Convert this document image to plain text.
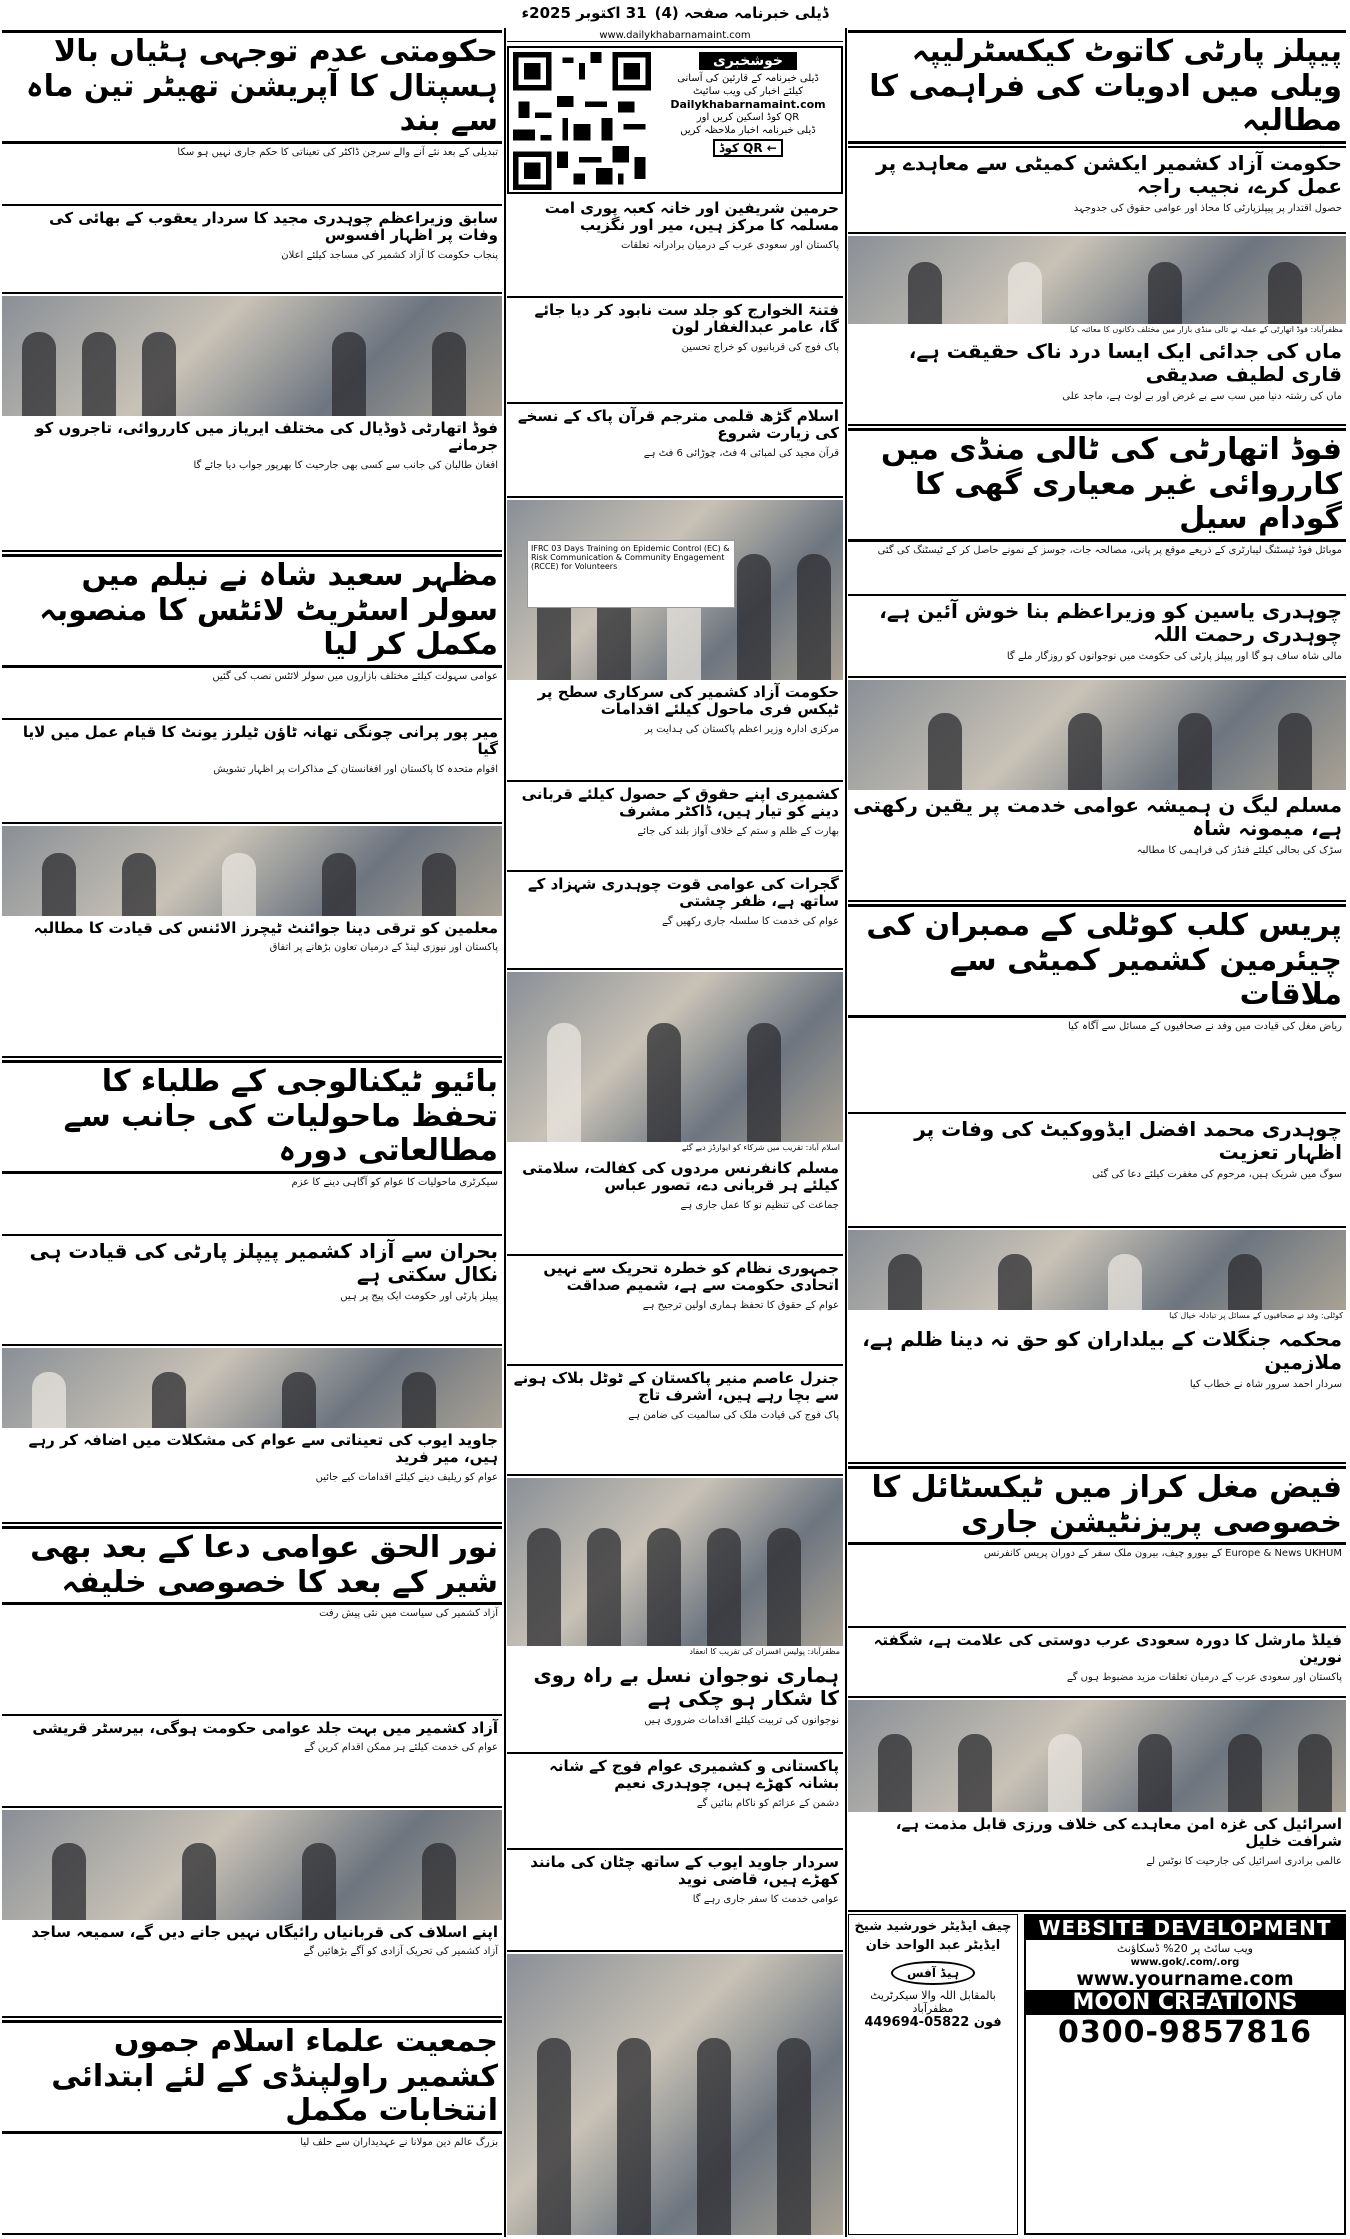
ڈیلی خبرنامہ صفحہ (4)
31 اکتوبر 2025ء
پیپلز پارٹی کاتوٹ کیکسٹرلیپہ ویلی میں ادویات کی فراہمی کا مطالبہ
حکومت آزاد کشمیر ایکشن کمیٹی سے معاہدے پر عمل کرے، نجیب راجہ
حصول اقتدار پر پیپلزپارٹی کا محاذ اور عوامی حقوق کی جدوجہد
مظفرآباد: فوڈ اتھارٹی کے عملہ نے تالی منڈی بازار میں مختلف دکانوں کا معائنہ کیا
ماں کی جدائی ایک ایسا درد ناک حقیقت ہے، قاری لطیف صدیقی
ماں کی رشتہ دنیا میں سب سے بے غرض اور بے لوث ہے، ماجد علی
فوڈ اتھارٹی کی ٹالی منڈی میں کارروائی غیر معیاری گھی کا گودام سیل
موبائل فوڈ ٹیسٹنگ لیبارٹری کے ذریعے موقع پر پانی، مصالحہ جات، جوسز کے نمونے حاصل کر کے ٹیسٹنگ کی گئی
چوہدری یاسین کو وزیراعظم بنا خوش آئین ہے، چوہدری رحمت اللہ
مالی شاہ ساف ہو گا اور پیپلز پارٹی کی حکومت میں نوجوانوں کو روزگار ملے گا
مسلم لیگ ن ہمیشہ عوامی خدمت پر یقین رکھتی ہے، میمونہ شاہ
سڑک کی بحالی کیلئے فنڈز کی فراہمی کا مطالبہ
پریس کلب کوٹلی کے ممبران کی چیئرمین کشمیر کمیٹی سے ملاقات
ریاض مغل کی قیادت میں وفد نے صحافیوں کے مسائل سے آگاہ کیا
چوہدری محمد افضل ایڈووکیٹ کی وفات پر اظہار تعزیت
سوگ میں شریک ہیں، مرحوم کی مغفرت کیلئے دعا کی گئی
کوٹلی: وفد نے صحافیوں کے مسائل پر تبادلہ خیال کیا
محکمہ جنگلات کے بیلداران کو حق نہ دینا ظلم ہے، ملازمین
سردار احمد سرور شاہ نے خطاب کیا
فیض مغل کراز میں ٹیکسٹائل کا خصوصی پریزنٹیشن جاری
Europe & News UKHUM کے بیورو چیف، بیرون ملک سفر کے دوران پریس کانفرنس
فیلڈ مارشل کا دورہ سعودی عرب دوستی کی علامت ہے، شگفتہ نورین
پاکستان اور سعودی عرب کے درمیان تعلقات مزید مضبوط ہوں گے
اسرائیل کی غزہ امن معاہدے کی خلاف ورزی قابل مذمت ہے، شرافت خلیل
عالمی برادری اسرائیل کی جارحیت کا نوٹس لے
چیف ایڈیٹر خورشید شیخ
ایڈیٹر عبد الواحد خان
ہیڈ آفس
بالمقابل اللہ والا سیکرٹریٹ مظفرآباد
فون 05822-449694
WEBSITE DEVELOPMENT
ویب سائٹ پر 20% ڈسکاؤنٹ
www.gok/.com/.org
www.yourname.com
MOON CREATIONS
0300-9857816
www.dailykhabarnamaint.com
خوشخبری
ڈیلی خبرنامہ کے قارئین کی آسانی
کیلئے اخبار کی ویب سائیٹ
Dailykhabarnamaint.com
QR کوڈ اسکین کریں اور
ڈیلی خبرنامہ اخبار ملاحظہ کریں
← QR کوڈ
حرمین شریفین اور خانہ کعبہ پوری امت مسلمہ کا مرکز ہیں، میر اور نگزیب
پاکستان اور سعودی عرب کے درمیان برادرانہ تعلقات
فتنۃ الخوارج کو جلد ست نابود کر دیا جائے گا، عامر عبدالغفار لون
پاک فوج کی قربانیوں کو خراج تحسین
اسلام گڑھ قلمی مترجم قرآن پاک کے نسخے کی زیارت شروع
قرآن مجید کی لمبائی 4 فٹ، چوڑائی 6 فٹ ہے
IFRC 03 Days Training on Epidemic Control (EC) & Risk Communication & Community Engagement (RCCE) for Volunteers
حکومت آزاد کشمیر کی سرکاری سطح پر ٹیکس فری ماحول کیلئے اقدامات
مرکزی ادارہ وزیر اعظم پاکستان کی ہدایت پر
کشمیری اپنے حقوق کے حصول کیلئے قربانی دینے کو تیار ہیں، ڈاکٹر مشرف
بھارت کے ظلم و ستم کے خلاف آواز بلند کی جائے
گجرات کی عوامی قوت چوہدری شہزاد کے ساتھ ہے، ظفر چشتی
عوام کی خدمت کا سلسلہ جاری رکھیں گے
اسلام آباد: تقریب میں شرکاء کو ایوارڈز دیے گئے
مسلم کانفرنس مردوں کی کفالت، سلامتی کیلئے ہر قربانی دے، تصور عباس
جماعت کی تنظیم نو کا عمل جاری ہے
جمہوری نظام کو خطرہ تحریک سے نہیں اتحادی حکومت سے ہے، شمیم صداقت
عوام کے حقوق کا تحفظ ہماری اولین ترجیح ہے
جنرل عاصم منیر پاکستان کے ٹوٹل بلاک ہونے سے بچا رہے ہیں، اشرف تاج
پاک فوج کی قیادت ملک کی سالمیت کی ضامن ہے
مظفرآباد: پولیس افسران کی تقریب کا انعقاد
ہماری نوجوان نسل بے راہ روی کا شکار ہو چکی ہے
نوجوانوں کی تربیت کیلئے اقدامات ضروری ہیں
پاکستانی و کشمیری عوام فوج کے شانہ بشانہ کھڑے ہیں، چوہدری نعیم
دشمن کے عزائم کو ناکام بنائیں گے
سردار جاوید ایوب کے ساتھ چٹان کی مانند کھڑے ہیں، قاضی نوید
عوامی خدمت کا سفر جاری رہے گا
حکومتی عدم توجہی ہٹیاں بالا ہسپتال کا آپریشن تھیٹر تین ماہ سے بند
تبدیلی کے بعد نئے آنے والے سرجن ڈاکٹر کی تعیناتی کا حکم جاری نہیں ہو سکا
سابق وزیراعظم چوہدری مجید کا سردار یعقوب کے بھائی کی وفات پر اظہار افسوس
پنجاب حکومت کا آزاد کشمیر کی مساجد کیلئے اعلان
فوڈ اتھارٹی ڈوڈیال کی مختلف ایریاز میں کارروائی، تاجروں کو جرمانے
افغان طالبان کی جانب سے کسی بھی جارحیت کا بھرپور جواب دیا جائے گا
مظہر سعید شاہ نے نیلم میں سولر اسٹریٹ لائٹس کا منصوبہ مکمل کر لیا
عوامی سہولت کیلئے مختلف بازاروں میں سولر لائٹس نصب کی گئیں
میر پور پرانی چونگی تھانہ ٹاؤن ٹیلرز یونٹ کا قیام عمل میں لایا گیا
اقوام متحدہ کا پاکستان اور افغانستان کے مذاکرات پر اظہار تشویش
معلمین کو ترقی دینا جوائنٹ ٹیچرز الائنس کی قیادت کا مطالبہ
پاکستان اور نیوزی لینڈ کے درمیان تعاون بڑھانے پر اتفاق
بائیو ٹیکنالوجی کے طلباء کا تحفظ ماحولیات کی جانب سے مطالعاتی دورہ
سیکرٹری ماحولیات کا عوام کو آگاہی دینے کا عزم
بحران سے آزاد کشمیر پیپلز پارٹی کی قیادت ہی نکال سکتی ہے
پیپلز پارٹی اور حکومت ایک پیج پر ہیں
جاوید ایوب کی تعیناتی سے عوام کی مشکلات میں اضافہ کر رہے ہیں، میر فرید
عوام کو ریلیف دینے کیلئے اقدامات کیے جائیں
نور الحق عوامی دعا کے بعد بھی شیر کے بعد کا خصوصی خلیفہ
آزاد کشمیر کی سیاست میں نئی پیش رفت
آزاد کشمیر میں بہت جلد عوامی حکومت ہوگی، بیرسٹر قریشی
عوام کی خدمت کیلئے ہر ممکن اقدام کریں گے
اپنے اسلاف کی قربانیاں رائیگاں نہیں جانے دیں گے، سمیعہ ساجد
آزاد کشمیر کی تحریک آزادی کو آگے بڑھائیں گے
جمعیت علماء اسلام جموں کشمیر راولپنڈی کے لئے ابتدائی انتخابات مکمل
بزرگ عالم دین مولانا نے عہدیداران سے حلف لیا
